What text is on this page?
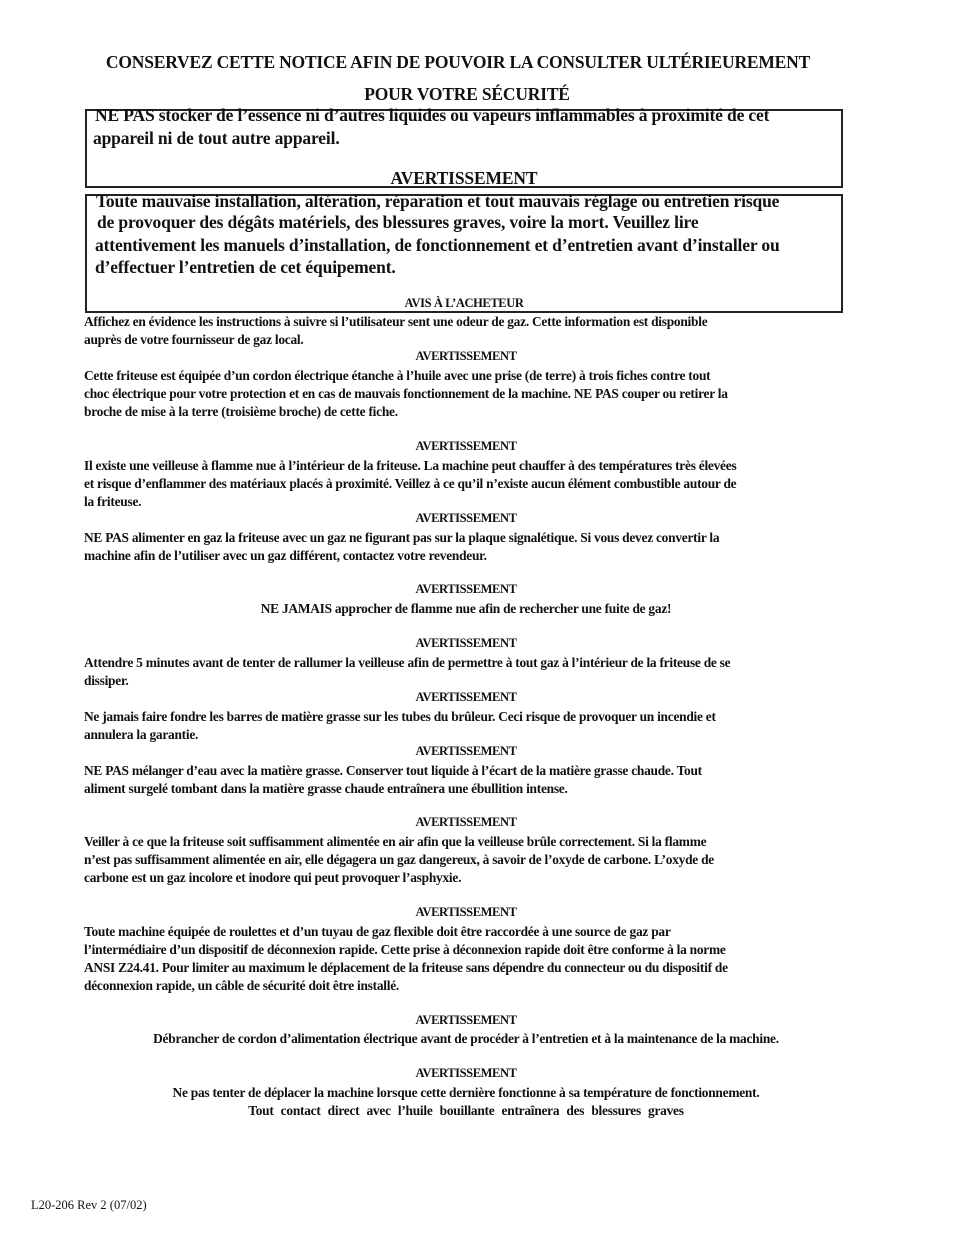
CONSERVEZ CETTE NOTICE AFIN DE POUVOIR LA CONSULTER ULTÉRIEUREMENT
POUR VOTRE SÉCURITÉ
NE PAS stocker de l’essence ni d’autres liquides ou vapeurs inflammables à proximité de cet
appareil ni de tout autre appareil.
AVERTISSEMENT
Toute mauvaise installation, altération, réparation et tout mauvais réglage ou entretien risque
de provoquer des dégâts matériels, des blessures graves, voire la mort. Veuillez lire
attentivement les manuels d’installation, de fonctionnement et d’entretien avant d’installer ou
d’effectuer l’entretien de cet équipement.
AVIS À L’ACHETEUR
Affichez en évidence les instructions à suivre si l’utilisateur sent une odeur de gaz. Cette information est disponible
auprès de votre fournisseur de gaz local.
AVERTISSEMENT
Cette friteuse est équipée d’un cordon électrique étanche à l’huile avec une prise (de terre) à trois fiches contre tout
choc électrique pour votre protection et en cas de mauvais fonctionnement de la machine. NE PAS couper ou retirer la
broche de mise à la terre (troisième broche) de cette fiche.
AVERTISSEMENT
Il existe une veilleuse à flamme nue à l’intérieur de la friteuse. La machine peut chauffer à des températures très élevées
et risque d’enflammer des matériaux placés à proximité. Veillez à ce qu’il n’existe aucun élément combustible autour de
la friteuse.
AVERTISSEMENT
NE PAS alimenter en gaz la friteuse avec un gaz ne figurant pas sur la plaque signalétique. Si vous devez convertir la
machine afin de l’utiliser avec un gaz différent, contactez votre revendeur.
AVERTISSEMENT
NE JAMAIS approcher de flamme nue afin de rechercher une fuite de gaz!
AVERTISSEMENT
Attendre 5 minutes avant de tenter de rallumer la veilleuse afin de permettre à tout gaz à l’intérieur de la friteuse de se
dissiper.
AVERTISSEMENT
Ne jamais faire fondre les barres de matière grasse sur les tubes du brûleur. Ceci risque de provoquer un incendie et
annulera la garantie.
AVERTISSEMENT
NE PAS mélanger d’eau avec la matière grasse. Conserver tout liquide à l’écart de la matière grasse chaude. Tout
aliment surgelé tombant dans la matière grasse chaude entraînera une ébullition intense.
AVERTISSEMENT
Veiller à ce que la friteuse soit suffisamment alimentée en air afin que la veilleuse brûle correctement. Si la flamme
n’est pas suffisamment alimentée en air, elle dégagera un gaz dangereux, à savoir de l’oxyde de carbone. L’oxyde de
carbone est un gaz incolore et inodore qui peut provoquer l’asphyxie.
AVERTISSEMENT
Toute machine équipée de roulettes et d’un tuyau de gaz flexible doit être raccordée à une source de gaz par
l’intermédiaire d’un dispositif de déconnexion rapide. Cette prise à déconnexion rapide doit être conforme à la norme
ANSI Z24.41. Pour limiter au maximum le déplacement de la friteuse sans dépendre du connecteur ou du dispositif de
déconnexion rapide, un câble de sécurité doit être installé.
AVERTISSEMENT
Débrancher de cordon d’alimentation électrique avant de procéder à l’entretien et à la maintenance de la machine.
AVERTISSEMENT
Ne pas tenter de déplacer la machine lorsque cette dernière fonctionne à sa température de fonctionnement.
Tout contact direct avec l’huile bouillante entraînera des blessures graves
L20-206 Rev 2 (07/02)
